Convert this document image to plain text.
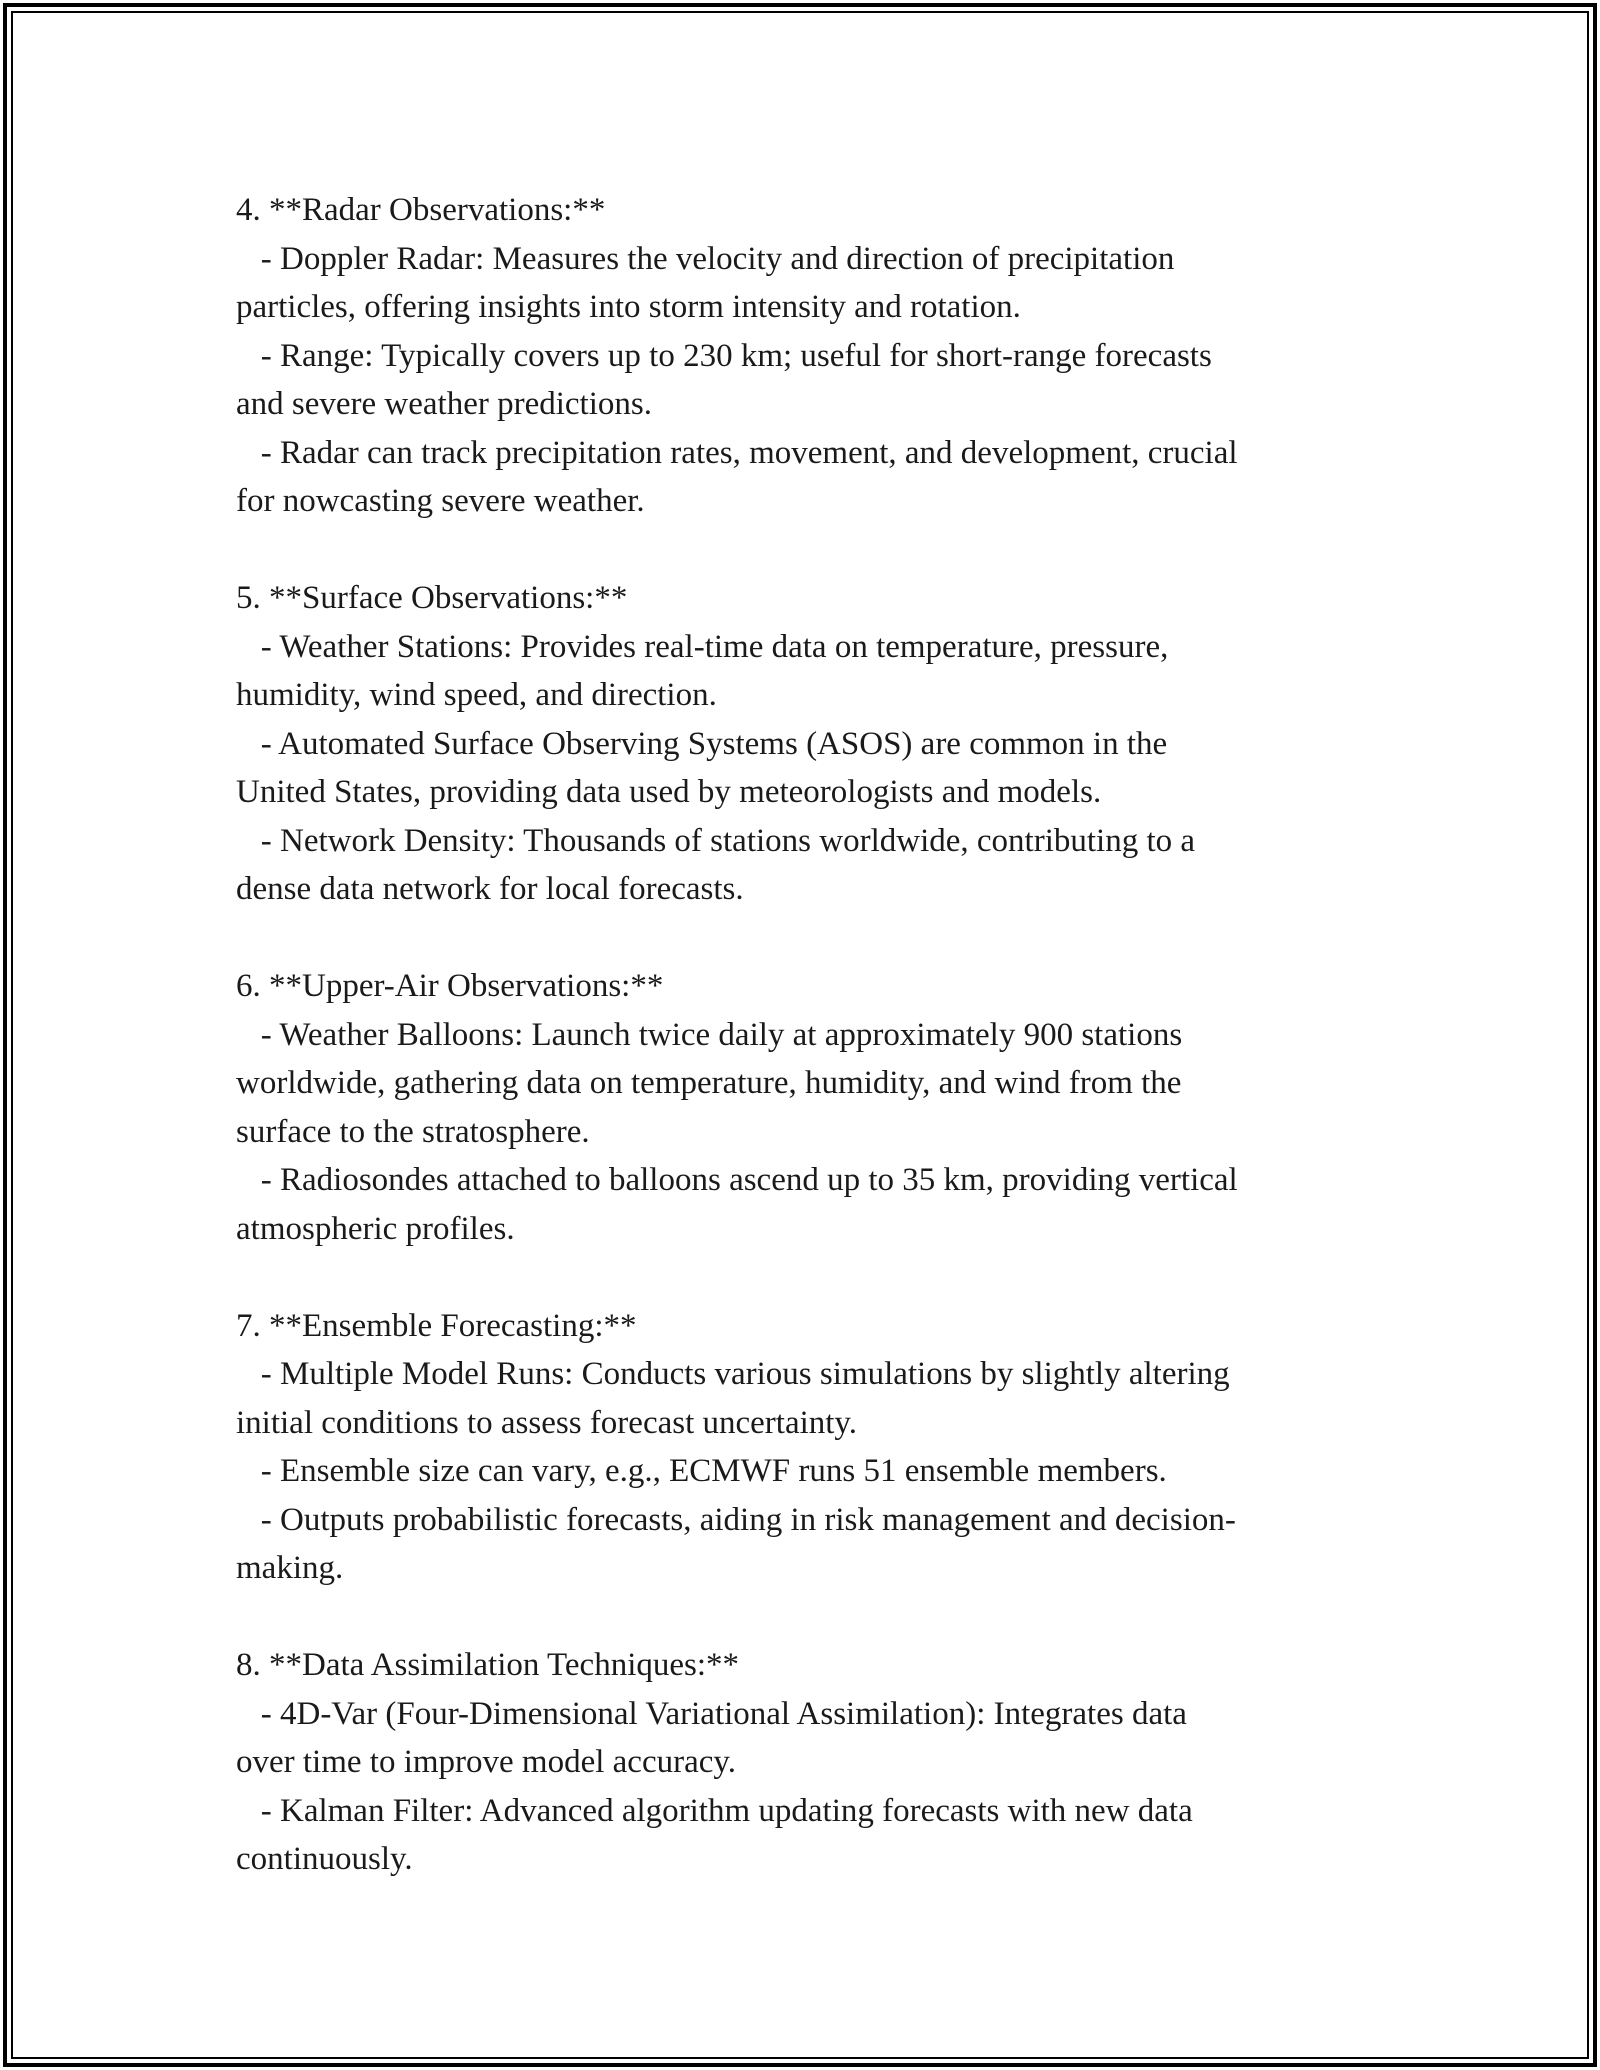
4. **Radar Observations:**
- Doppler Radar: Measures the velocity and direction of precipitation
particles, offering insights into storm intensity and rotation.
- Range: Typically covers up to 230 km; useful for short-range forecasts
and severe weather predictions.
- Radar can track precipitation rates, movement, and development, crucial
for nowcasting severe weather.
5. **Surface Observations:**
- Weather Stations: Provides real-time data on temperature, pressure,
humidity, wind speed, and direction.
- Automated Surface Observing Systems (ASOS) are common in the
United States, providing data used by meteorologists and models.
- Network Density: Thousands of stations worldwide, contributing to a
dense data network for local forecasts.
6. **Upper-Air Observations:**
- Weather Balloons: Launch twice daily at approximately 900 stations
worldwide, gathering data on temperature, humidity, and wind from the
surface to the stratosphere.
- Radiosondes attached to balloons ascend up to 35 km, providing vertical
atmospheric profiles.
7. **Ensemble Forecasting:**
- Multiple Model Runs: Conducts various simulations by slightly altering
initial conditions to assess forecast uncertainty.
- Ensemble size can vary, e.g., ECMWF runs 51 ensemble members.
- Outputs probabilistic forecasts, aiding in risk management and decision-
making.
8. **Data Assimilation Techniques:**
- 4D-Var (Four-Dimensional Variational Assimilation): Integrates data
over time to improve model accuracy.
- Kalman Filter: Advanced algorithm updating forecasts with new data
continuously.
